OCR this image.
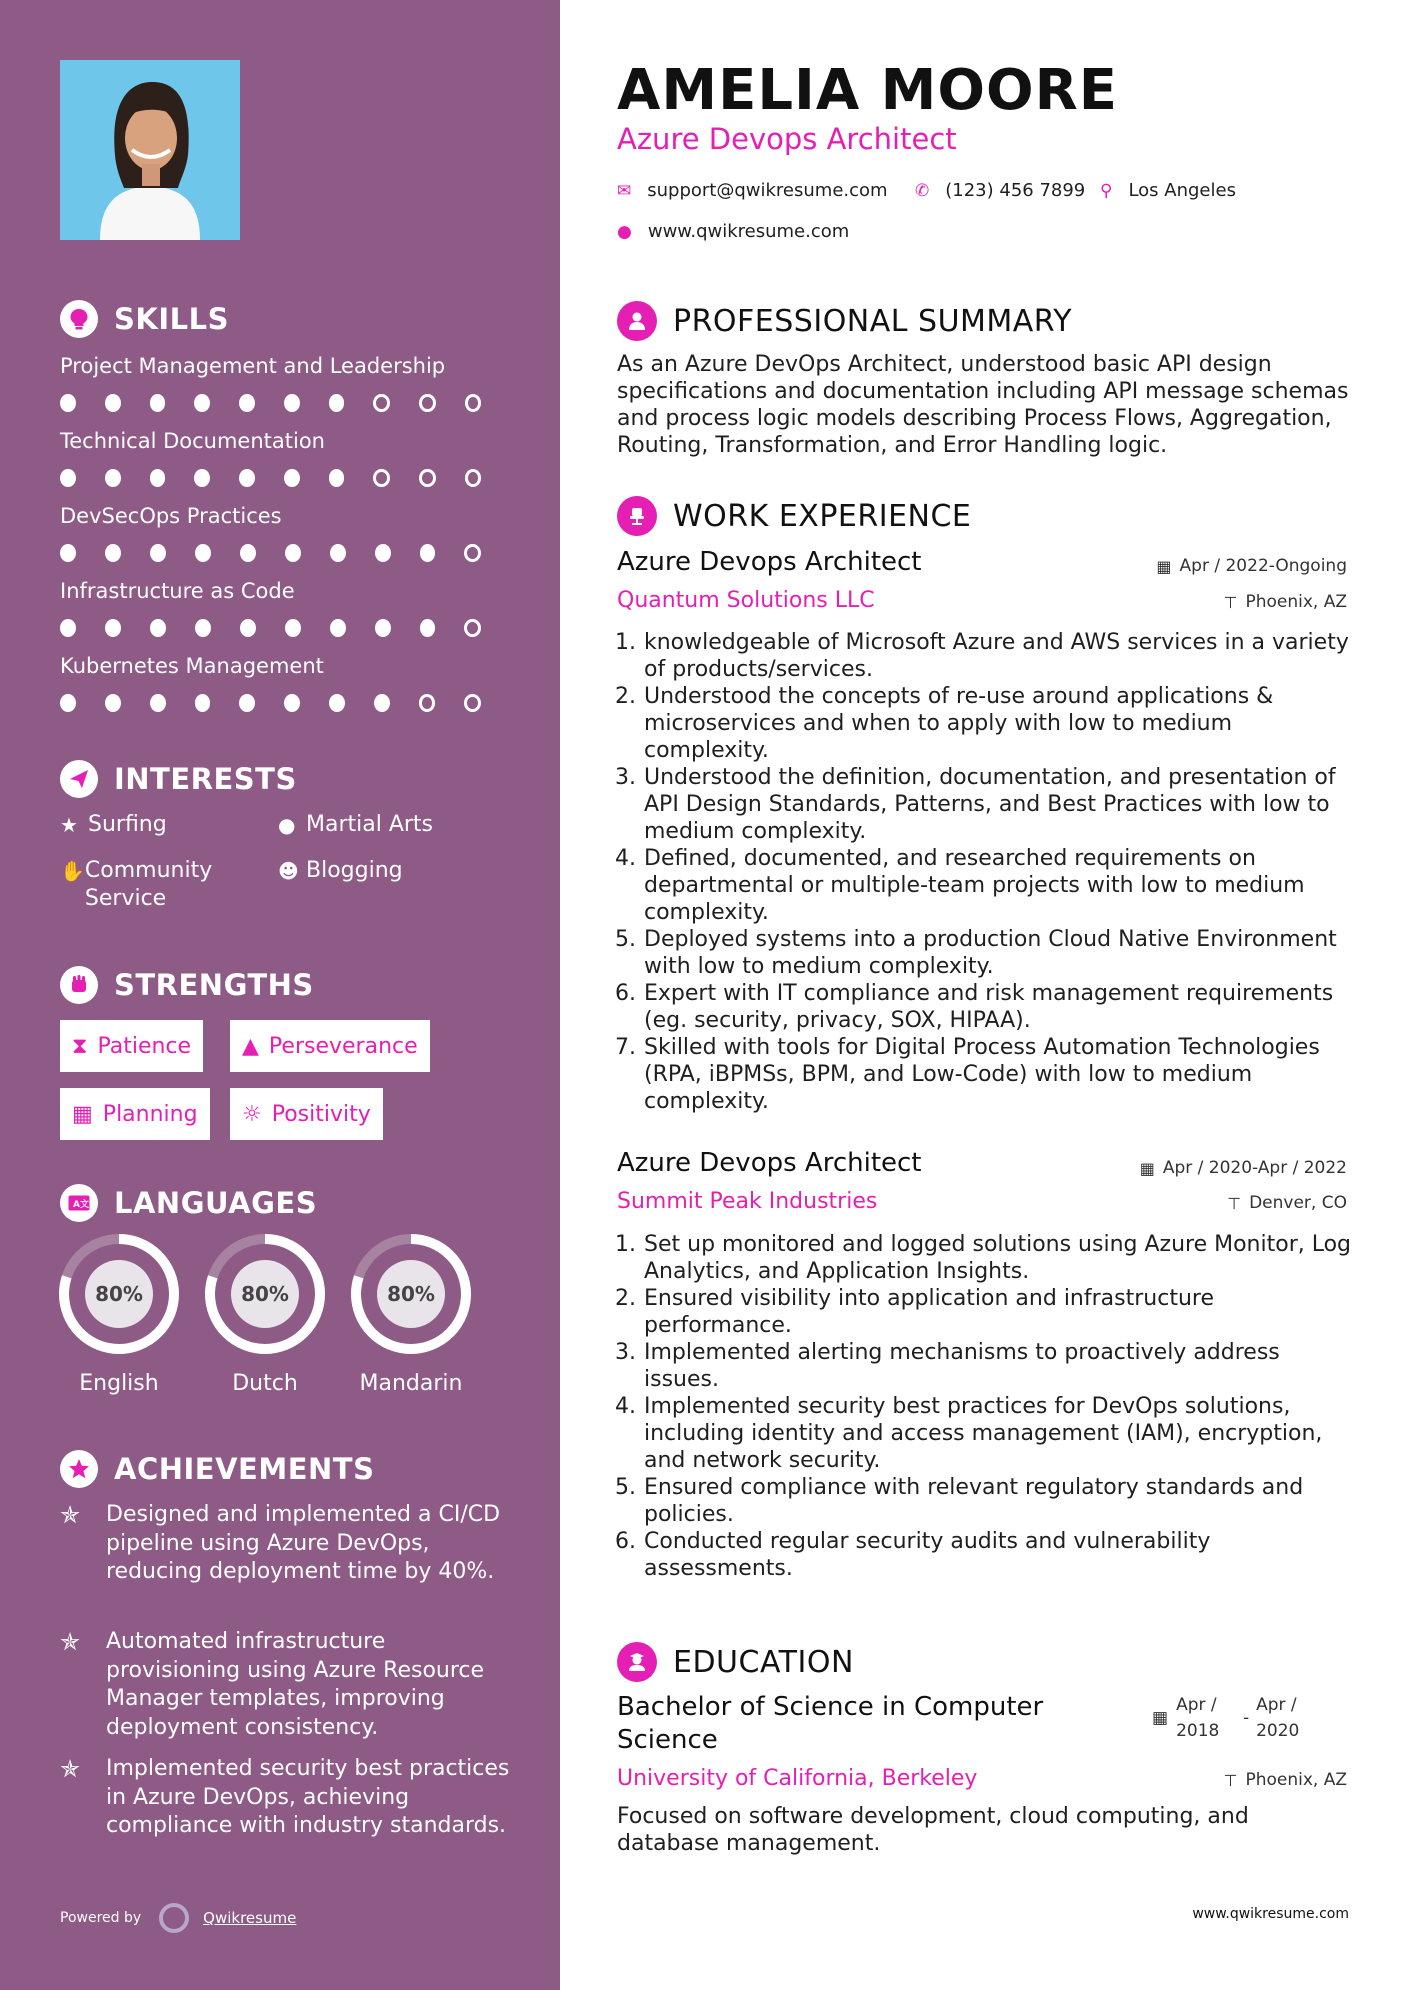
SKILLS
Project Management and Leadership
Technical Documentation
DevSecOps Practices
Infrastructure as Code
Kubernetes Management
INTERESTS
★ Surfing	● Martial Arts
✋ Community Service
☻ Blogging
STRENGTHS
⧗ Patience ▲ Perseverance
▦ Planning ☼ Positivity
A文 LANGUAGES
80%
English
80%
Dutch
80%
Mandarin
ACHIEVEMENTS
✯	Designed and implemented a CI/CD pipeline using Azure DevOps, reducing deployment time by 40%.
✯	Automated infrastructure provisioning using Azure Resource Manager templates, improving deployment consistency.
✯	Implemented security best practices in Azure DevOps, achieving compliance with industry standards.
Powered by	Qwikresume
AMELIA MOORE
Azure Devops Architect
✉ support@qwikresume.com ✆ (123) 456 7899 ⚲ Los Angeles
● www.qwikresume.com
PROFESSIONAL SUMMARY
As an Azure DevOps Architect, understood basic API design specifications and documentation including API message schemas and process logic models describing Process Flows, Aggregation, Routing, Transformation, and Error Handling logic.
WORK EXPERIENCE
Azure Devops Architect	▦ Apr / 2022-Ongoing
Quantum Solutions LLC	⊤ Phoenix, AZ
1. knowledgeable of Microsoft Azure and AWS services in a variety of products/services.
2. Understood the concepts of re-use around applications & microservices and when to apply with low to medium complexity.
3. Understood the definition, documentation, and presentation of API Design Standards, Patterns, and Best Practices with low to medium complexity.
4. Defined, documented, and researched requirements on departmental or multiple-team projects with low to medium complexity.
5. Deployed systems into a production Cloud Native Environment with low to medium complexity.
6. Expert with IT compliance and risk management requirements (eg. security, privacy, SOX, HIPAA).
7. Skilled with tools for Digital Process Automation Technologies (RPA, iBPMSs, BPM, and Low-Code) with low to medium complexity.
Azure Devops Architect	▦ Apr / 2020-Apr / 2022
Summit Peak Industries	⊤ Denver, CO
1. Set up monitored and logged solutions using Azure Monitor, Log Analytics, and Application Insights.
2. Ensured visibility into application and infrastructure performance.
3. Implemented alerting mechanisms to proactively address issues.
4. Implemented security best practices for DevOps solutions, including identity and access management (IAM), encryption, and network security.
5. Ensured compliance with relevant regulatory standards and policies.
6. Conducted regular security audits and vulnerability assessments.
EDUCATION
Bachelor of Science in Computer Science
▦
Apr / 2018
-
Apr / 2020
University of California, Berkeley	⊤ Phoenix, AZ
Focused on software development, cloud computing, and database management.
www.qwikresume.com
